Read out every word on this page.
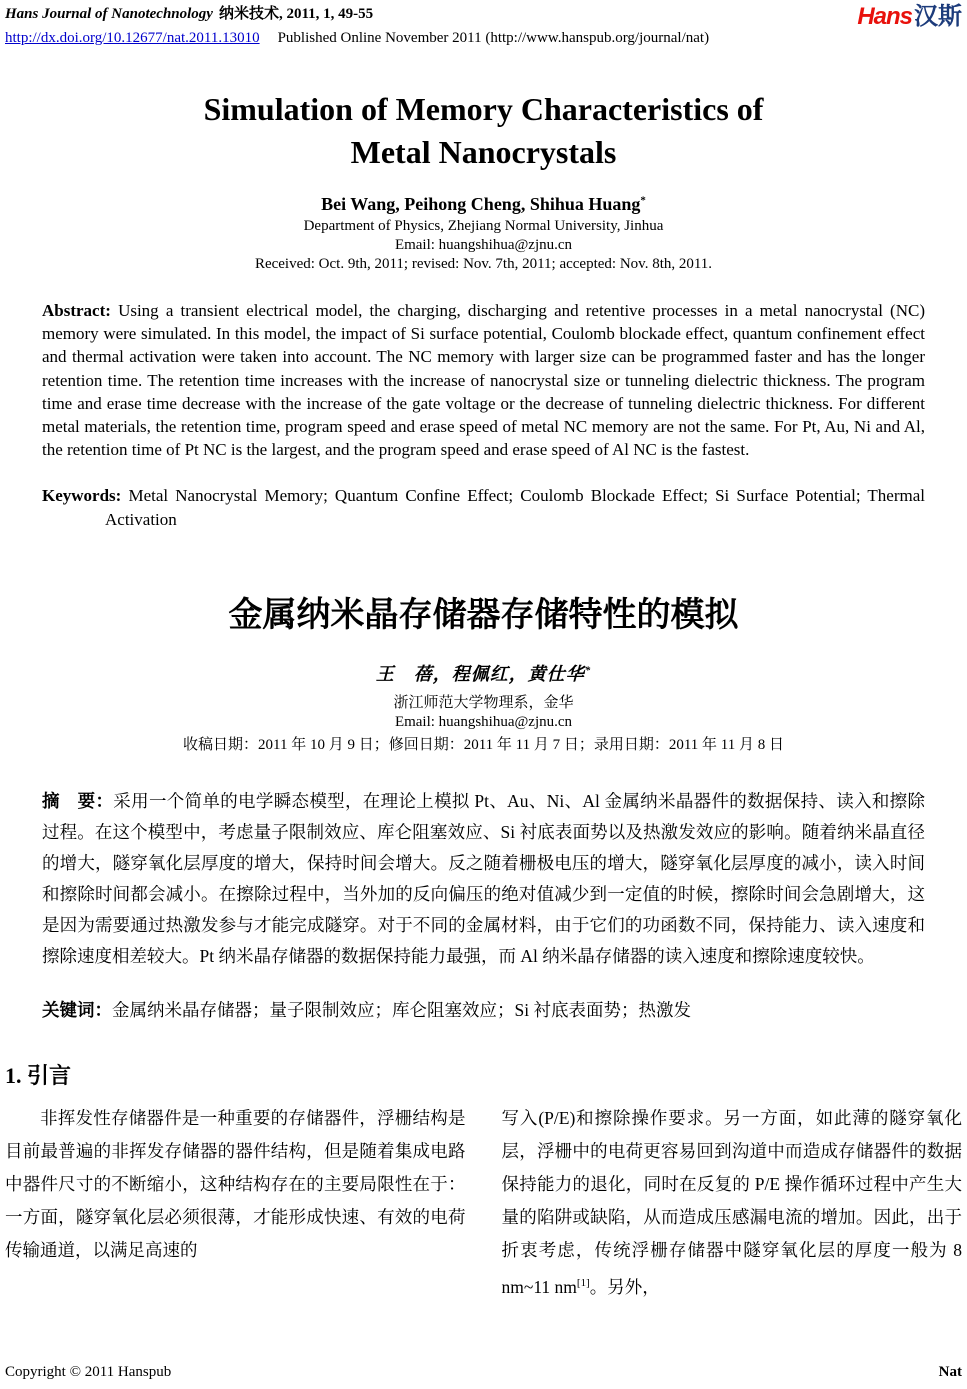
Hans Journal of Nanotechnology 纳米技术, 2011, 1, 49-55
http://dx.doi.org/10.12677/nat.2011.13010 Published Online November 2011 (http://www.hanspub.org/journal/nat)
Hans汉斯
Simulation of Memory Characteristics of
Metal Nanocrystals
Bei Wang, Peihong Cheng, Shihua Huang*
Department of Physics, Zhejiang Normal University, Jinhua
Email: huangshihua@zjnu.cn
Received: Oct. 9th, 2011; revised: Nov. 7th, 2011; accepted: Nov. 8th, 2011.
Abstract: Using a transient electrical model, the charging, discharging and retentive processes in a metal nanocrystal (NC) memory were simulated. In this model, the impact of Si surface potential, Coulomb blockade effect, quantum confinement effect and thermal activation were taken into account. The NC memory with larger size can be programmed faster and has the longer retention time. The retention time increases with the increase of nanocrystal size or tunneling dielectric thickness. The program time and erase time decrease with the increase of the gate voltage or the decrease of tunneling dielectric thickness. For different metal materials, the retention time, program speed and erase speed of metal NC memory are not the same. For Pt, Au, Ni and Al, the retention time of Pt NC is the largest, and the program speed and erase speed of Al NC is the fastest.
Keywords: Metal Nanocrystal Memory; Quantum Confine Effect; Coulomb Blockade Effect; Si Surface Potential; Thermal Activation
金属纳米晶存储器存储特性的模拟
王　蓓，程佩红，黄仕华*
浙江师范大学物理系，金华
Email: huangshihua@zjnu.cn
收稿日期：2011 年 10 月 9 日；修回日期：2011 年 11 月 7 日；录用日期：2011 年 11 月 8 日
摘　要：采用一个简单的电学瞬态模型，在理论上模拟 Pt、Au、Ni、Al 金属纳米晶器件的数据保持、读入和擦除过程。在这个模型中，考虑量子限制效应、库仑阻塞效应、Si 衬底表面势以及热激发效应的影响。随着纳米晶直径的增大，隧穿氧化层厚度的增大，保持时间会增大。反之随着栅极电压的增大，隧穿氧化层厚度的减小，读入时间和擦除时间都会减小。在擦除过程中，当外加的反向偏压的绝对值减少到一定值的时候，擦除时间会急剧增大，这是因为需要通过热激发参与才能完成隧穿。对于不同的金属材料，由于它们的功函数不同，保持能力、读入速度和擦除速度相差较大。Pt 纳米晶存储器的数据保持能力最强，而 Al 纳米晶存储器的读入速度和擦除速度较快。
关键词：金属纳米晶存储器；量子限制效应；库仑阻塞效应；Si 衬底表面势；热激发
1. 引言
非挥发性存储器件是一种重要的存储器件，浮栅结构是目前最普遍的非挥发存储器的器件结构，但是随着集成电路中器件尺寸的不断缩小，这种结构存在的主要局限性在于：一方面，隧穿氧化层必须很薄，才能形成快速、有效的电荷传输通道，以满足高速的
写入(P/E)和擦除操作要求。另一方面，如此薄的隧穿氧化层，浮栅中的电荷更容易回到沟道中而造成存储器件的数据保持能力的退化，同时在反复的 P/E 操作循环过程中产生大量的陷阱或缺陷，从而造成压感漏电流的增加。因此，出于折衷考虑，传统浮栅存储器中隧穿氧化层的厚度一般为 8 nm~11 nm[1]。另外，
Copyright © 2011 Hanspub	Nat
